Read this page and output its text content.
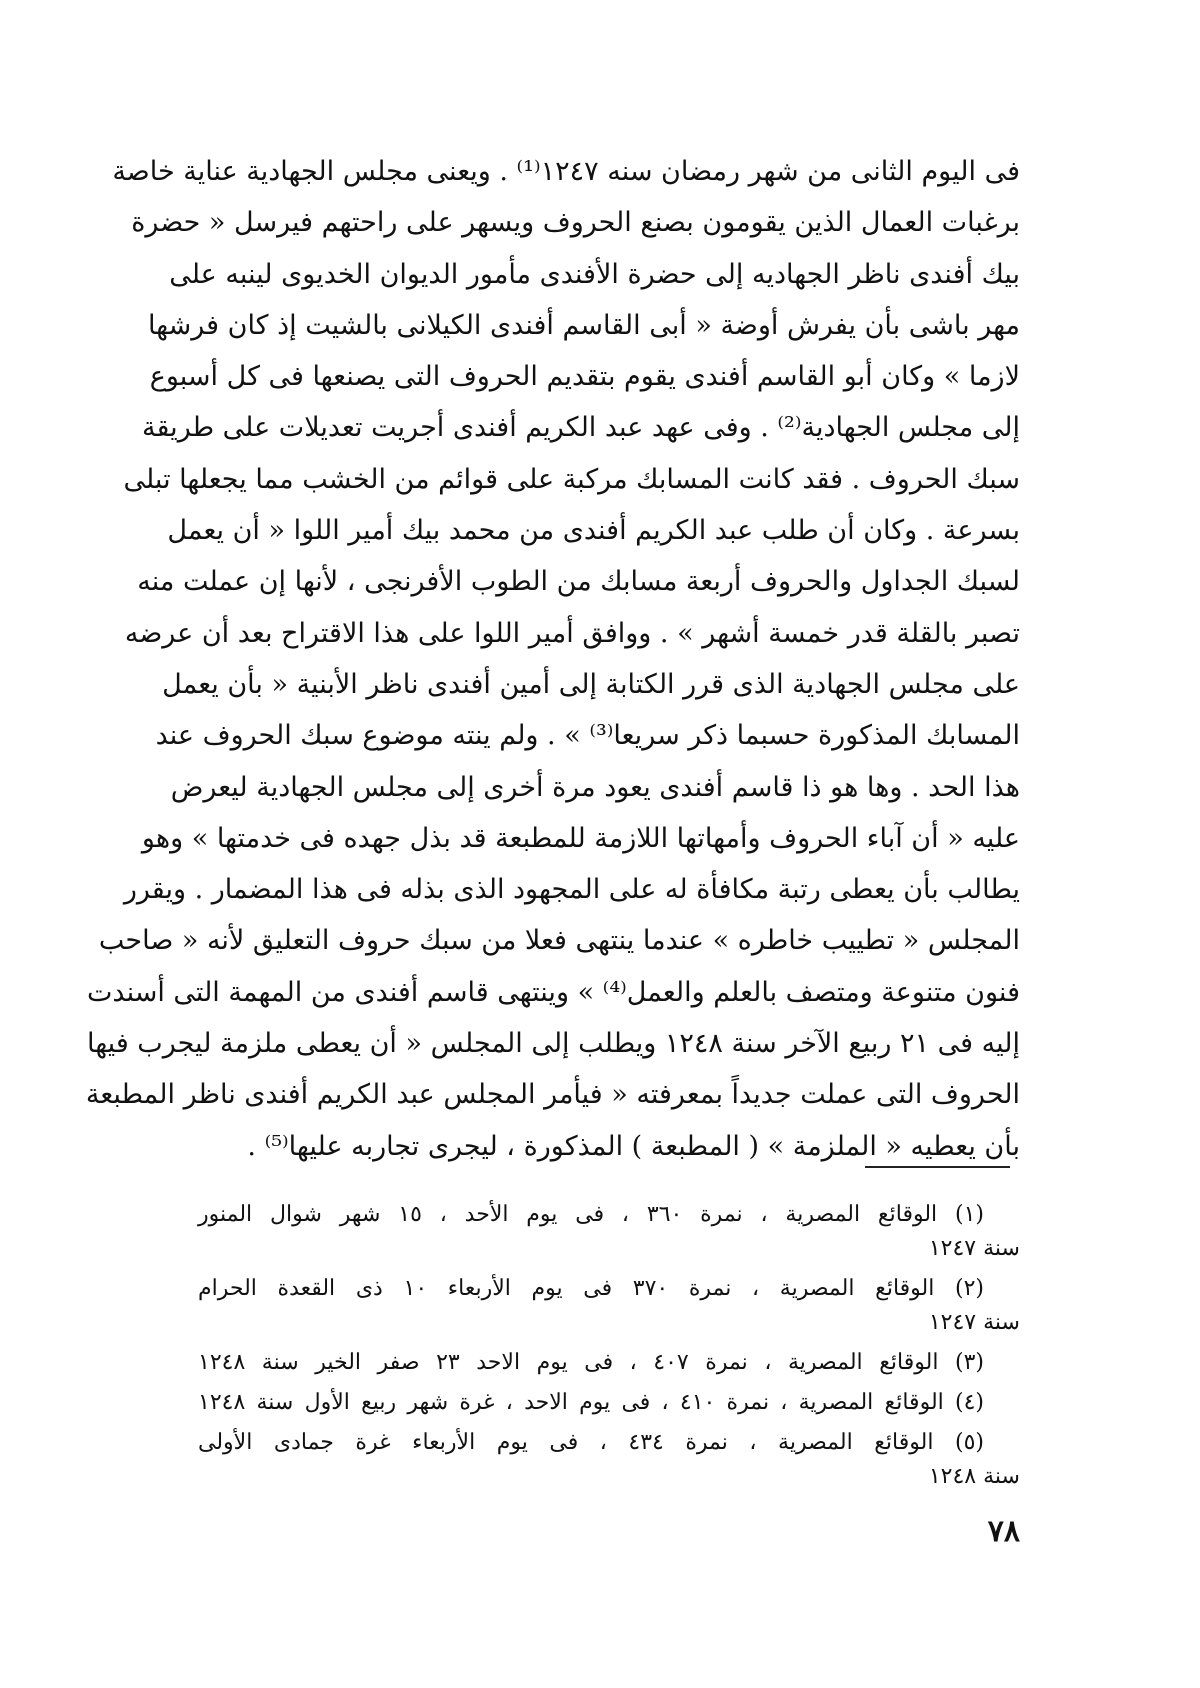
فى اليوم الثانى من شهر رمضان سنه ١٢٤٧⁽¹⁾ . ويعنى مجلس الجهادية عناية خاصة
برغبات العمال الذين يقومون بصنع الحروف ويسهر على راحتهم فيرسل « حضرة
بيك أفندى ناظر الجهاديه إلى حضرة الأفندى مأمور الديوان الخديوى لينبه على
مهر باشى بأن يفرش أوضة « أبى القاسم أفندى الكيلانى بالشيت إذ كان فرشها
لازما » وكان أبو القاسم أفندى يقوم بتقديم الحروف التى يصنعها فى كل أسبوع
إلى مجلس الجهادية⁽²⁾ . وفى عهد عبد الكريم أفندى أجريت تعديلات على طريقة
سبك الحروف . فقد كانت المسابك مركبة على قوائم من الخشب مما يجعلها تبلى
بسرعة . وكان أن طلب عبد الكريم أفندى من محمد بيك أمير اللوا « أن يعمل
لسبك الجداول والحروف أربعة مسابك من الطوب الأفرنجى ، لأنها إن عملت منه
تصبر بالقلة قدر خمسة أشهر » . ووافق أمير اللوا على هذا الاقتراح بعد أن عرضه
على مجلس الجهادية الذى قرر الكتابة إلى أمين أفندى ناظر الأبنية « بأن يعمل
المسابك المذكورة حسبما ذكر سريعا⁽³⁾ » . ولم ينته موضوع سبك الحروف عند
هذا الحد . وها هو ذا قاسم أفندى يعود مرة أخرى إلى مجلس الجهادية ليعرض
عليه « أن آباء الحروف وأمهاتها اللازمة للمطبعة قد بذل جهده فى خدمتها » وهو
يطالب بأن يعطى رتبة مكافأة له على المجهود الذى بذله فى هذا المضمار . ويقرر
المجلس « تطييب خاطره » عندما ينتهى فعلا من سبك حروف التعليق لأنه « صاحب
فنون متنوعة ومتصف بالعلم والعمل⁽⁴⁾ » وينتهى قاسم أفندى من المهمة التى أسندت
إليه فى ٢١ ربيع الآخر سنة ١٢٤٨ ويطلب إلى المجلس « أن يعطى ملزمة ليجرب فيها
الحروف التى عملت جديداً بمعرفته « فيأمر المجلس عبد الكريم أفندى ناظر المطبعة
بأن يعطيه « الملزمة » ( المطبعة ) المذكورة ، ليجرى تجاربه عليها⁽⁵⁾ .
(١) الوقائع المصرية ، نمرة ٣٦٠ ، فى يوم الأحد ، ١٥ شهر شوال المنور
سنة ١٢٤٧
(٢) الوقائع المصرية ، نمرة ٣٧٠ فى يوم الأربعاء ١٠ ذى القعدة الحرام
سنة ١٢٤٧
(٣) الوقائع المصرية ، نمرة ٤٠٧ ، فى يوم الاحد ٢٣ صفر الخير سنة ١٢٤٨
(٤) الوقائع المصرية ، نمرة ٤١٠ ، فى يوم الاحد ، غرة شهر ربيع الأول سنة ١٢٤٨
(٥) الوقائع المصرية ، نمرة ٤٣٤ ، فى يوم الأربعاء غرة جمادى الأولى
سنة ١٢٤٨
٧٨
